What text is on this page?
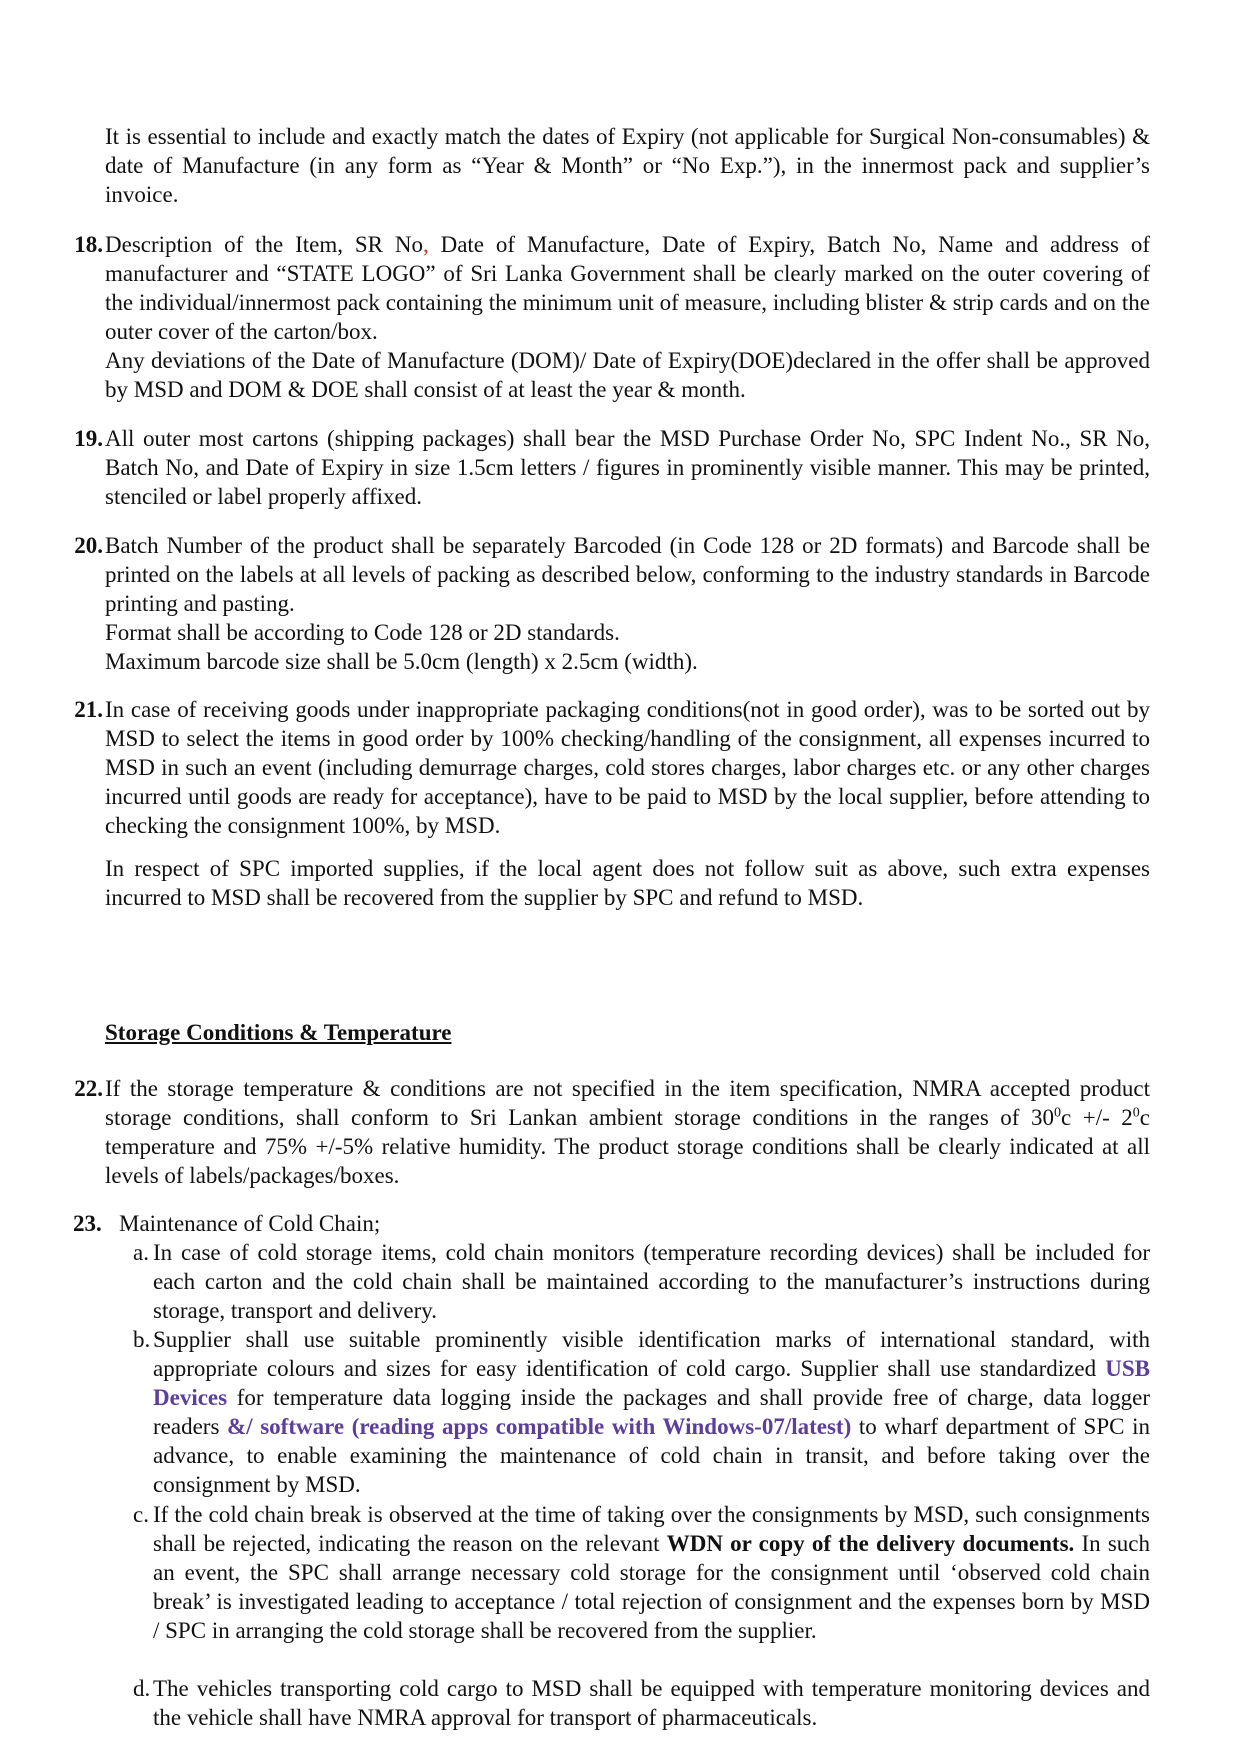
It is essential to include and exactly match the dates of Expiry (not applicable for Surgical Non-consumables) & date of Manufacture (in any form as “Year & Month” or “No Exp.”), in the innermost pack and supplier’s invoice.
18. Description of the Item, SR No, Date of Manufacture, Date of Expiry, Batch No, Name and address of manufacturer and “STATE LOGO” of Sri Lanka Government shall be clearly marked on the outer covering of the individual/innermost pack containing the minimum unit of measure, including blister & strip cards and on the outer cover of the carton/box.

Any deviations of the Date of Manufacture (DOM)/ Date of Expiry(DOE)declared in the offer shall be approved by MSD and DOM & DOE shall consist of at least the year & month.

19. All outer most cartons (shipping packages) shall bear the MSD Purchase Order No, SPC Indent No., SR No, Batch No, and Date of Expiry in size 1.5cm letters / figures in prominently visible manner. This may be printed, stenciled or label properly affixed.
20. Batch Number of the product shall be separately Barcoded (in Code 128 or 2D formats) and Barcode shall be printed on the labels at all levels of packing as described below, conforming to the industry standards in Barcode printing and pasting.

Format shall be according to Code 128 or 2D standards.

Maximum barcode size shall be 5.0cm (length) x 2.5cm (width).

21. In case of receiving goods under inappropriate packaging conditions(not in good order), was to be sorted out by MSD to select the items in good order by 100% checking/handling of the consignment, all expenses incurred to MSD in such an event (including demurrage charges, cold stores charges, labor charges etc. or any other charges incurred until goods are ready for acceptance), have to be paid to MSD by the local supplier, before attending to checking the consignment 100%, by MSD.

In respect of SPC imported supplies, if the local agent does not follow suit as above, such extra expenses incurred to MSD shall be recovered from the supplier by SPC and refund to MSD.

Storage Conditions & Temperature
22. If the storage temperature & conditions are not specified in the item specification, NMRA accepted product storage conditions, shall conform to Sri Lankan ambient storage conditions in the ranges of $30^0c$ +/- $2^0c$ temperature and 75% +/-5% relative humidity. The product storage conditions shall be clearly indicated at all levels of labels/packages/boxes.
23. Maintenance of Cold Chain;
a. In case of cold storage items, cold chain monitors (temperature recording devices) shall be included for each carton and the cold chain shall be maintained according to the manufacturer’s instructions during storage, transport and delivery.
b. Supplier shall use suitable prominently visible identification marks of international standard, with appropriate colours and sizes for easy identification of cold cargo. Supplier shall use standardized USB Devices for temperature data logging inside the packages and shall provide free of charge, data logger readers &/ software (reading apps compatible with Windows-07/latest) to wharf department of SPC in advance, to enable examining the maintenance of cold chain in transit, and before taking over the consignment by MSD.
c. If the cold chain break is observed at the time of taking over the consignments by MSD, such consignments shall be rejected, indicating the reason on the relevant WDN or copy of the delivery documents. In such an event, the SPC shall arrange necessary cold storage for the consignment until ‘observed cold chain break’ is investigated leading to acceptance / total rejection of consignment and the expenses born by MSD / SPC in arranging the cold storage shall be recovered from the supplier.
d. The vehicles transporting cold cargo to MSD shall be equipped with temperature monitoring devices and the vehicle shall have NMRA approval for transport of pharmaceuticals.
